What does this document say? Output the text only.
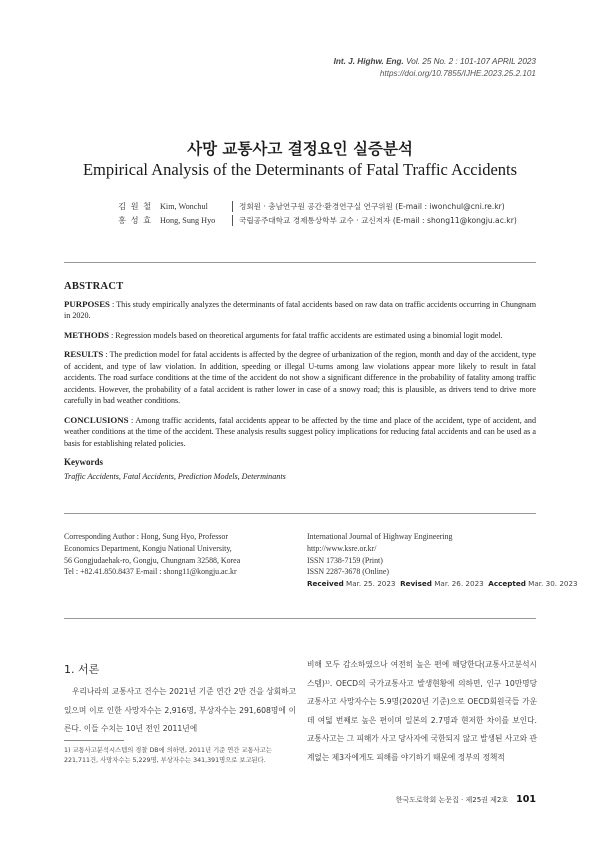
Int. J. Highw. Eng. Vol. 25 No. 2 : 101-107 APRIL 2023
https://doi.org/10.7855/IJHE.2023.25.2.101
사망 교통사고 결정요인 실증분석
Empirical Analysis of the Determinants of Fatal Traffic Accidents
김 원 철 Kim, Wonchul	정회원 · 충남연구원 공간·환경연구실 연구위원 (E-mail : iwonchul@cni.re.kr)
홍 성 효 Hong, Sung Hyo	국립공주대학교 경제통상학부 교수 · 교신저자 (E-mail : shong11@kongju.ac.kr)
ABSTRACT

PURPOSES : This study empirically analyzes the determinants of fatal accidents based on raw data on traffic accidents occurring in Chungnam in 2020.

METHODS : Regression models based on theoretical arguments for fatal traffic accidents are estimated using a binomial logit model.

RESULTS : The prediction model for fatal accidents is affected by the degree of urbanization of the region, month and day of the accident, type of accident, and type of law violation. In addition, speeding or illegal U-turns among law violations appear more likely to result in fatal accidents. The road surface conditions at the time of the accident do not show a significant difference in the probability of fatality among traffic accidents. However, the probability of a fatal accident is rather lower in case of a snowy road; this is plausible, as drivers tend to drive more carefully in bad weather conditions.

CONCLUSIONS : Among traffic accidents, fatal accidents appear to be affected by the time and place of the accident, type of accident, and weather conditions at the time of the accident. These analysis results suggest policy implications for reducing fatal accidents and can be used as a basis for establishing related policies.

Keywords

Traffic Accidents, Fatal Accidents, Prediction Models, Determinants

Corresponding Author : Hong, Sung Hyo, Professor
Economics Department, Kongju National University,
56 Gongjudaehak-ro, Gongju, Chungnam 32588, Korea
Tel : +82.41.850.8437 E-mail : shong11@kongju.ac.kr
International Journal of Highway Engineering
http://www.ksre.or.kr/
ISSN 1738-7159 (Print)
ISSN 2287-3678 (Online)
Received Mar. 25. 2023 Revised Mar. 26. 2023 Accepted Mar. 30. 2023
1. 서론

우리나라의 교통사고 건수는 2021년 기준 연간 2만 건을 상회하고 있으며 이로 인한 사망자수는 2,916명, 부상자수는 291,608명에 이른다. 이들 수치는 10년 전인 2011년에

비해 모두 감소하였으나 여전히 높은 편에 해당한다(교통사고분석시스템)¹⁾. OECD의 국가교통사고 발생현황에 의하면, 인구 10만명당 교통사고 사망자수는 5.9명(2020년 기준)으로 OECD회원국들 가운데 여덟 번째로 높은 편이며 일본의 2.7명과 현저한 차이를 보인다. 교통사고는 그 피해가 사고 당사자에 국한되지 않고 발생된 사고와 관계없는 제3자에게도 피해를 야기하기 때문에 정부의 정책적

1) 교통사고분석시스템의 경찰 DB에 의하면, 2011년 기준 연간 교통사고는
221,711건, 사망자수는 5,229명, 부상자수는 341,391명으로 보고된다.
한국도로학회 논문집 · 제25권 제2호 101
